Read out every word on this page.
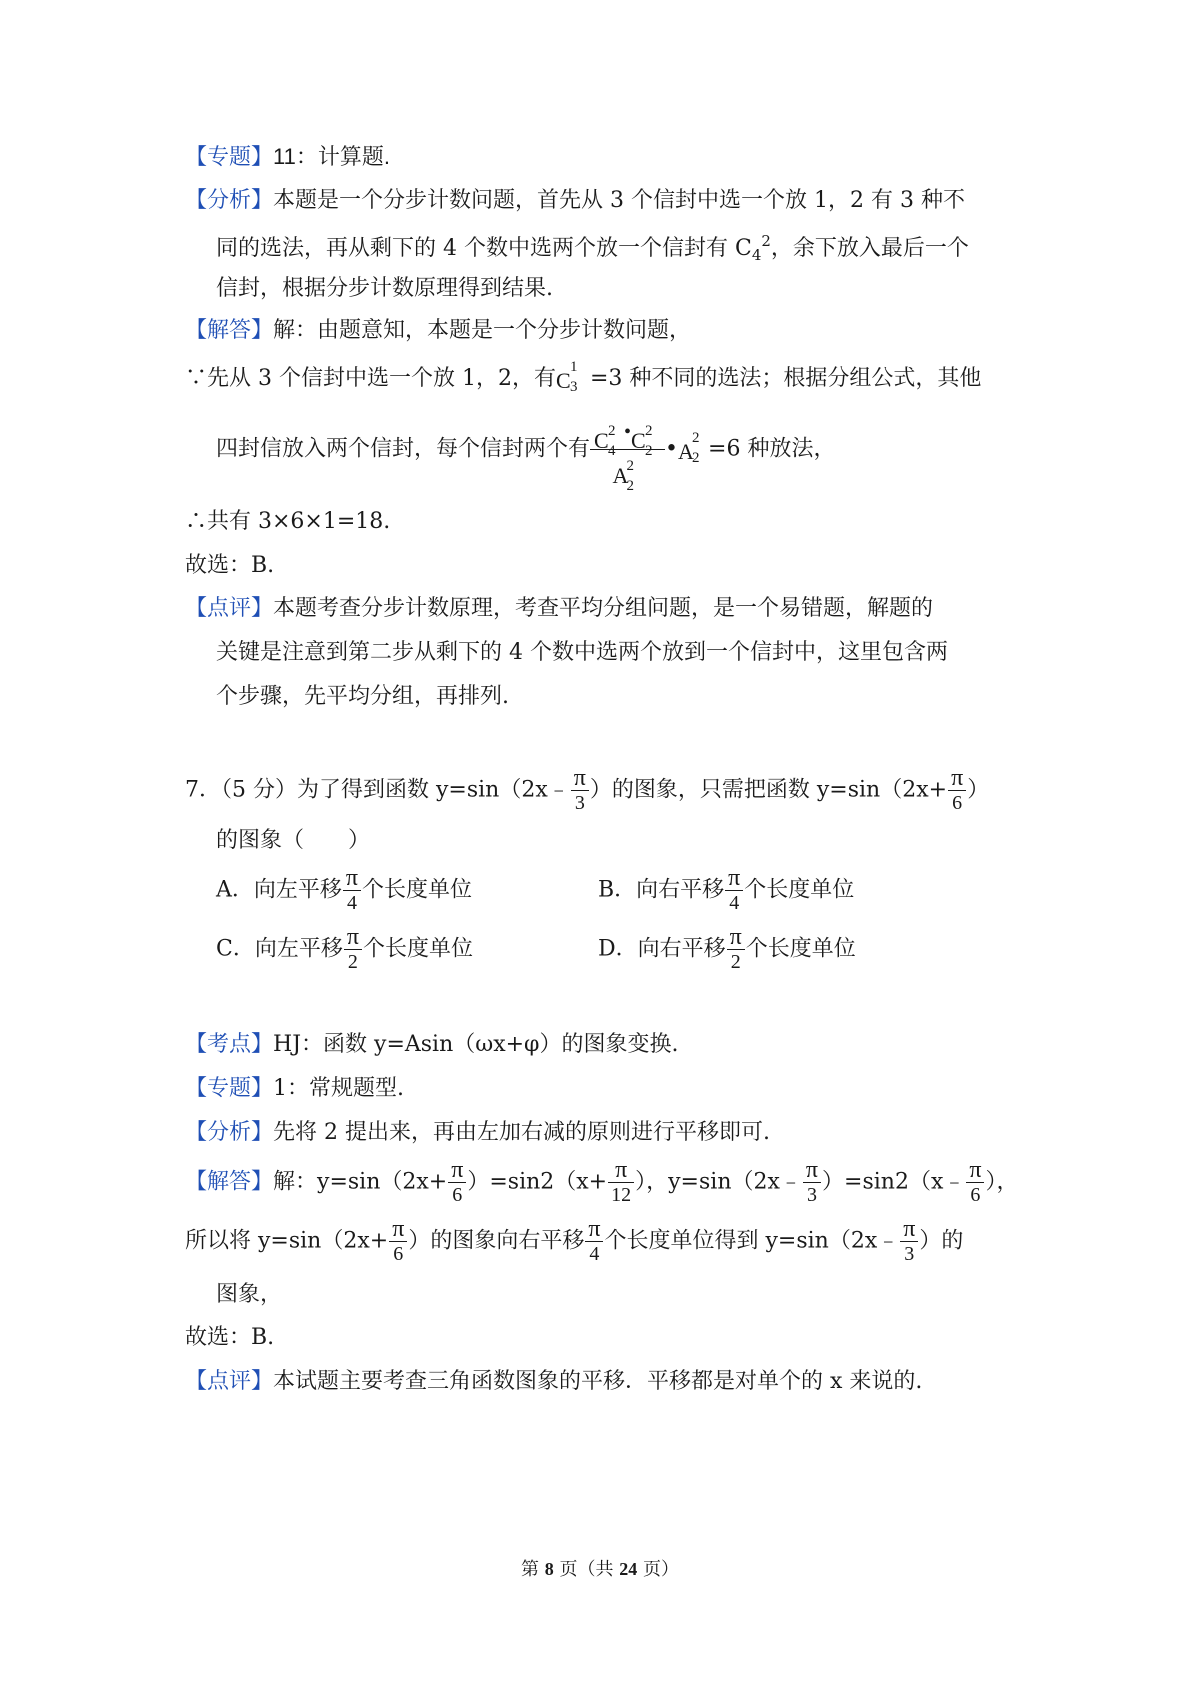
【专题】11：计算题.
【分析】本题是一个分步计数问题，首先从 3 个信封中选一个放 1，2 有 3 种不
同的选法，再从剩下的 4 个数中选两个放一个信封有 $C_4^2$，余下放入最后一个
信封，根据分步计数原理得到结果.
【解答】解：由题意知，本题是一个分步计数问题，
∵先从 3 个信封中选一个放 1，2，有 C
1
3 =3 种不同的选法；根据分组公式，其他
四封信放入两个信封，每个信封两个有 C 2
4
• C 2
2
A
2
2 • A
2
2 =6 种放法，
∴共有 3×6×1=18.
故选：B.
【点评】本题考查分步计数原理，考查平均分组问题，是一个易错题，解题的
关键是注意到第二步从剩下的 4 个数中选两个放到一个信封中，这里包含两
个步骤，先平均分组，再排列.
7．（5 分）为了得到函数 y=sin（2x﹣ $\frac{\pi}{3}$ ）的图象，只需把函数 $y=\sin(2x+ \frac{\pi}{6}$ ）
的图象（　　）
A．向左平移 $\frac{\pi}{4}$ 个长度单位	B．向右平移 $\frac{\pi}{4}$ 个长度单位
C．向左平移 $\frac{\pi}{2}$ 个长度单位	D．向右平移 $\frac{\pi}{2}$ 个长度单位
【考点】HJ：函数 y=Asin（ωx+φ）的图象变换.
【专题】1：常规题型.
【分析】先将 2 提出来，再由左加右减的原则进行平移即可.
【解答】解：$y=\sin(2x+ \frac{\pi}{6} )=\sin 2(x+ \frac{\pi}{12}$ ），y=sin（2x﹣ $\frac{\pi}{3}$ ）=sin2（x﹣ $\frac{\pi}{6}$ ），
所以将 $y=\sin(2x+ \frac{\pi}{6}$ ）的图象向右平移 $\frac{\pi}{4}$ 个长度单位得到 y=sin（2x﹣ $\frac{\pi}{3}$ ）的
图象，
故选：B.
【点评】本试题主要考查三角函数图象的平移．平移都是对单个的 x 来说的.
第 8 页（共 24 页）
